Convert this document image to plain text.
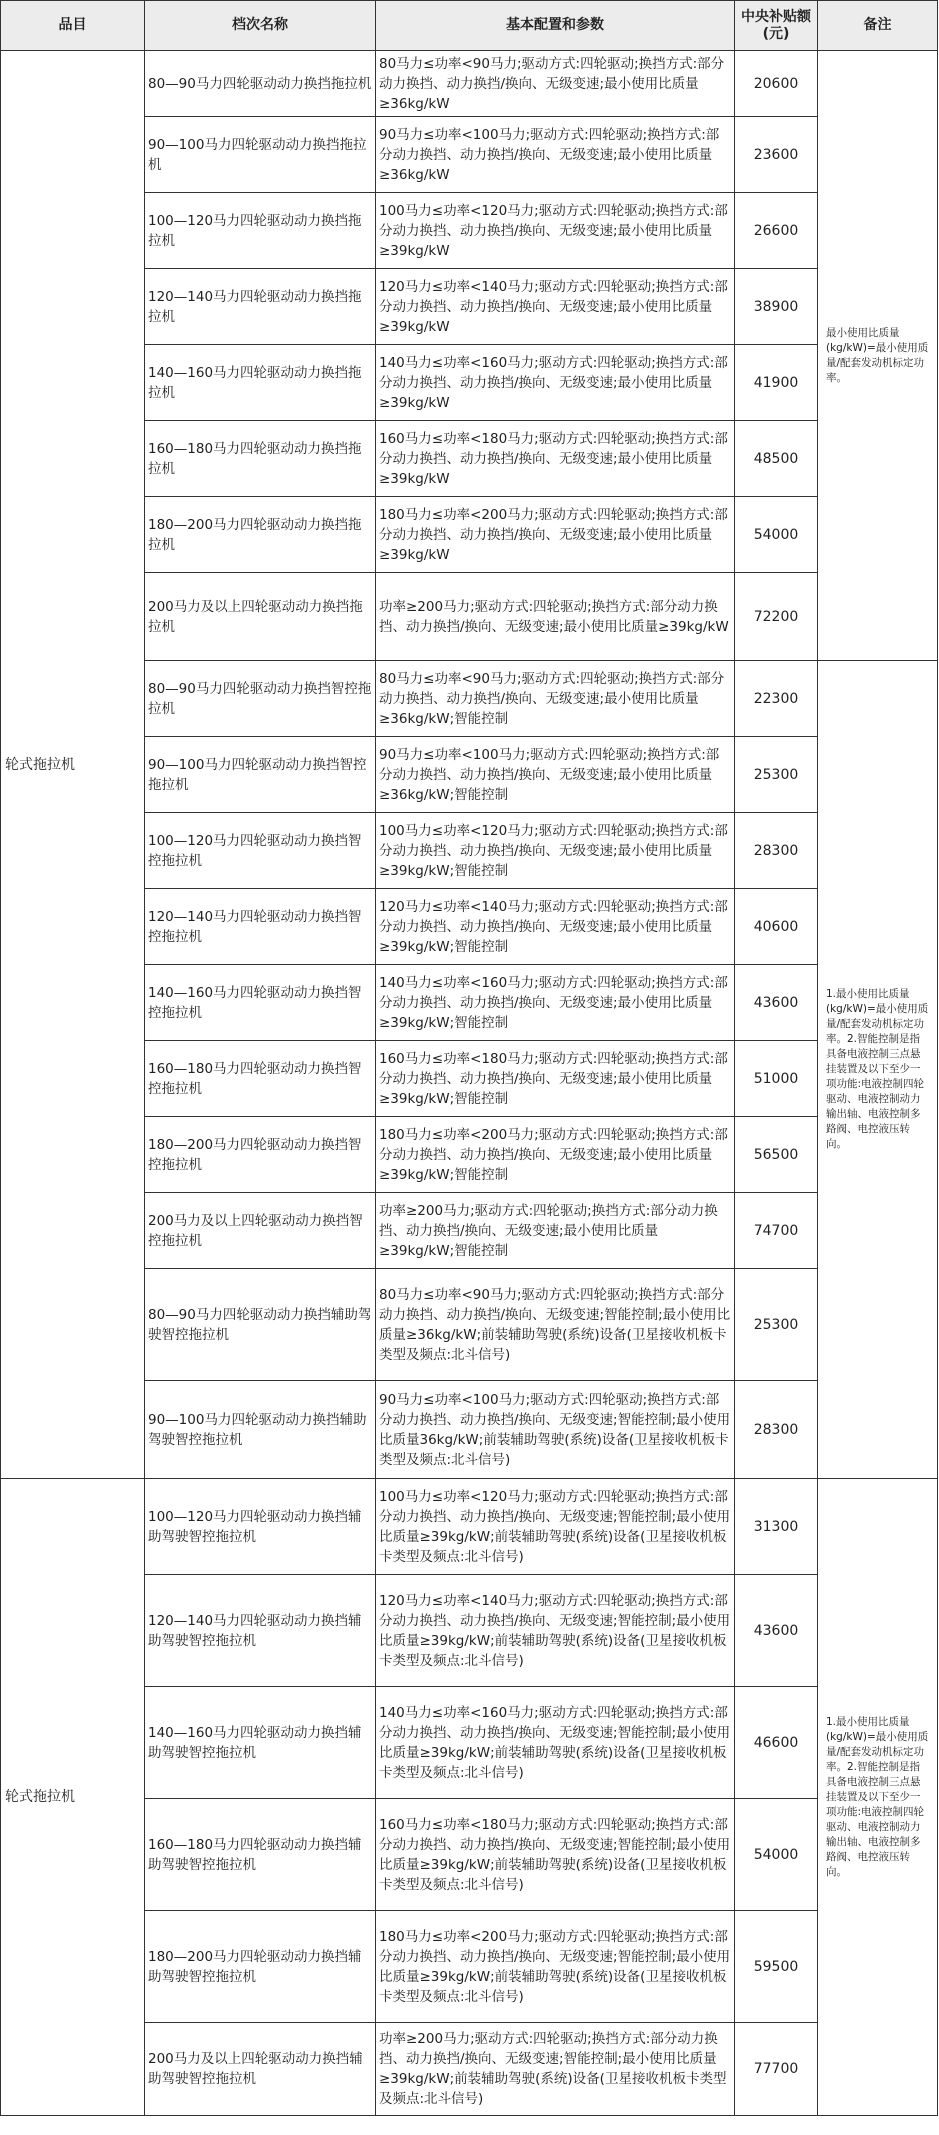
品目	档次名称	基本配置和参数	中央补贴额(元)	备注
轮式拖拉机	80—90马力四轮驱动动力换挡拖拉机	80马力≤功率<90马力;驱动方式:四轮驱动;换挡方式:部分动力换挡、动力换挡/换向、无级变速;最小使用比质量≥36kg/kW	20600	最小使用比质量(kg/kW)=最小使用质量/配套发动机标定功率。
	90—100马力四轮驱动动力换挡拖拉机	90马力≤功率<100马力;驱动方式:四轮驱动;换挡方式:部分动力换挡、动力换挡/换向、无级变速;最小使用比质量≥36kg/kW	23600	
	100—120马力四轮驱动动力换挡拖拉机	100马力≤功率<120马力;驱动方式:四轮驱动;换挡方式:部分动力换挡、动力换挡/换向、无级变速;最小使用比质量≥39kg/kW	26600	
	120—140马力四轮驱动动力换挡拖拉机	120马力≤功率<140马力;驱动方式:四轮驱动;换挡方式:部分动力换挡、动力换挡/换向、无级变速;最小使用比质量≥39kg/kW	38900	
	140—160马力四轮驱动动力换挡拖拉机	140马力≤功率<160马力;驱动方式:四轮驱动;换挡方式:部分动力换挡、动力换挡/换向、无级变速;最小使用比质量≥39kg/kW	41900	
	160—180马力四轮驱动动力换挡拖拉机	160马力≤功率<180马力;驱动方式:四轮驱动;换挡方式:部分动力换挡、动力换挡/换向、无级变速;最小使用比质量≥39kg/kW	48500	
	180—200马力四轮驱动动力换挡拖拉机	180马力≤功率<200马力;驱动方式:四轮驱动;换挡方式:部分动力换挡、动力换挡/换向、无级变速;最小使用比质量≥39kg/kW	54000	
	200马力及以上四轮驱动动力换挡拖拉机	功率≥200马力;驱动方式:四轮驱动;换挡方式:部分动力换挡、动力换挡/换向、无级变速;最小使用比质量≥39kg/kW	72200	
	80—90马力四轮驱动动力换挡智控拖拉机	80马力≤功率<90马力;驱动方式:四轮驱动;换挡方式:部分动力换挡、动力换挡/换向、无级变速;最小使用比质量≥36kg/kW;智能控制	22300	1.最小使用比质量(kg/kW)=最小使用质量/配套发动机标定功率。2.智能控制是指具备电液控制三点悬挂装置及以下至少一项功能:电液控制四轮驱动、电液控制动力输出轴、电液控制多路阀、电控液压转向。
	90—100马力四轮驱动动力换挡智控拖拉机	90马力≤功率<100马力;驱动方式:四轮驱动;换挡方式:部分动力换挡、动力换挡/换向、无级变速;最小使用比质量≥36kg/kW;智能控制	25300	
	100—120马力四轮驱动动力换挡智控拖拉机	100马力≤功率<120马力;驱动方式:四轮驱动;换挡方式:部分动力换挡、动力换挡/换向、无级变速;最小使用比质量≥39kg/kW;智能控制	28300	
	120—140马力四轮驱动动力换挡智控拖拉机	120马力≤功率<140马力;驱动方式:四轮驱动;换挡方式:部分动力换挡、动力换挡/换向、无级变速;最小使用比质量≥39kg/kW;智能控制	40600	
	140—160马力四轮驱动动力换挡智控拖拉机	140马力≤功率<160马力;驱动方式:四轮驱动;换挡方式:部分动力换挡、动力换挡/换向、无级变速;最小使用比质量≥39kg/kW;智能控制	43600	
	160—180马力四轮驱动动力换挡智控拖拉机	160马力≤功率<180马力;驱动方式:四轮驱动;换挡方式:部分动力换挡、动力换挡/换向、无级变速;最小使用比质量≥39kg/kW;智能控制	51000	
	180—200马力四轮驱动动力换挡智控拖拉机	180马力≤功率<200马力;驱动方式:四轮驱动;换挡方式:部分动力换挡、动力换挡/换向、无级变速;最小使用比质量≥39kg/kW;智能控制	56500	
	200马力及以上四轮驱动动力换挡智控拖拉机	功率≥200马力;驱动方式:四轮驱动;换挡方式:部分动力换挡、动力换挡/换向、无级变速;最小使用比质量≥39kg/kW;智能控制	74700	
	80—90马力四轮驱动动力换挡辅助驾驶智控拖拉机	80马力≤功率<90马力;驱动方式:四轮驱动;换挡方式:部分动力换挡、动力换挡/换向、无级变速;智能控制;最小使用比质量≥36kg/kW;前装辅助驾驶(系统)设备(卫星接收机板卡类型及频点:北斗信号)	25300	
	90—100马力四轮驱动动力换挡辅助驾驶智控拖拉机	90马力≤功率<100马力;驱动方式:四轮驱动;换挡方式:部分动力换挡、动力换挡/换向、无级变速;智能控制;最小使用比质量36kg/kW;前装辅助驾驶(系统)设备(卫星接收机板卡类型及频点:北斗信号)	28300	
轮式拖拉机	100—120马力四轮驱动动力换挡辅助驾驶智控拖拉机	100马力≤功率<120马力;驱动方式:四轮驱动;换挡方式:部分动力换挡、动力换挡/换向、无级变速;智能控制;最小使用比质量≥39kg/kW;前装辅助驾驶(系统)设备(卫星接收机板卡类型及频点:北斗信号)	31300	1.最小使用比质量(kg/kW)=最小使用质量/配套发动机标定功率。2.智能控制是指具备电液控制三点悬挂装置及以下至少一项功能:电液控制四轮驱动、电液控制动力输出轴、电液控制多路阀、电控液压转向。
	120—140马力四轮驱动动力换挡辅助驾驶智控拖拉机	120马力≤功率<140马力;驱动方式:四轮驱动;换挡方式:部分动力换挡、动力换挡/换向、无级变速;智能控制;最小使用比质量≥39kg/kW;前装辅助驾驶(系统)设备(卫星接收机板卡类型及频点:北斗信号)	43600	
	140—160马力四轮驱动动力换挡辅助驾驶智控拖拉机	140马力≤功率<160马力;驱动方式:四轮驱动;换挡方式:部分动力换挡、动力换挡/换向、无级变速;智能控制;最小使用比质量≥39kg/kW;前装辅助驾驶(系统)设备(卫星接收机板卡类型及频点:北斗信号)	46600	
	160—180马力四轮驱动动力换挡辅助驾驶智控拖拉机	160马力≤功率<180马力;驱动方式:四轮驱动;换挡方式:部分动力换挡、动力换挡/换向、无级变速;智能控制;最小使用比质量≥39kg/kW;前装辅助驾驶(系统)设备(卫星接收机板卡类型及频点:北斗信号)	54000	
	180—200马力四轮驱动动力换挡辅助驾驶智控拖拉机	180马力≤功率<200马力;驱动方式:四轮驱动;换挡方式:部分动力换挡、动力换挡/换向、无级变速;智能控制;最小使用比质量≥39kg/kW;前装辅助驾驶(系统)设备(卫星接收机板卡类型及频点:北斗信号)	59500	
	200马力及以上四轮驱动动力换挡辅助驾驶智控拖拉机	功率≥200马力;驱动方式:四轮驱动;换挡方式:部分动力换挡、动力换挡/换向、无级变速;智能控制;最小使用比质量≥39kg/kW;前装辅助驾驶(系统)设备(卫星接收机板卡类型及频点:北斗信号)	77700	
